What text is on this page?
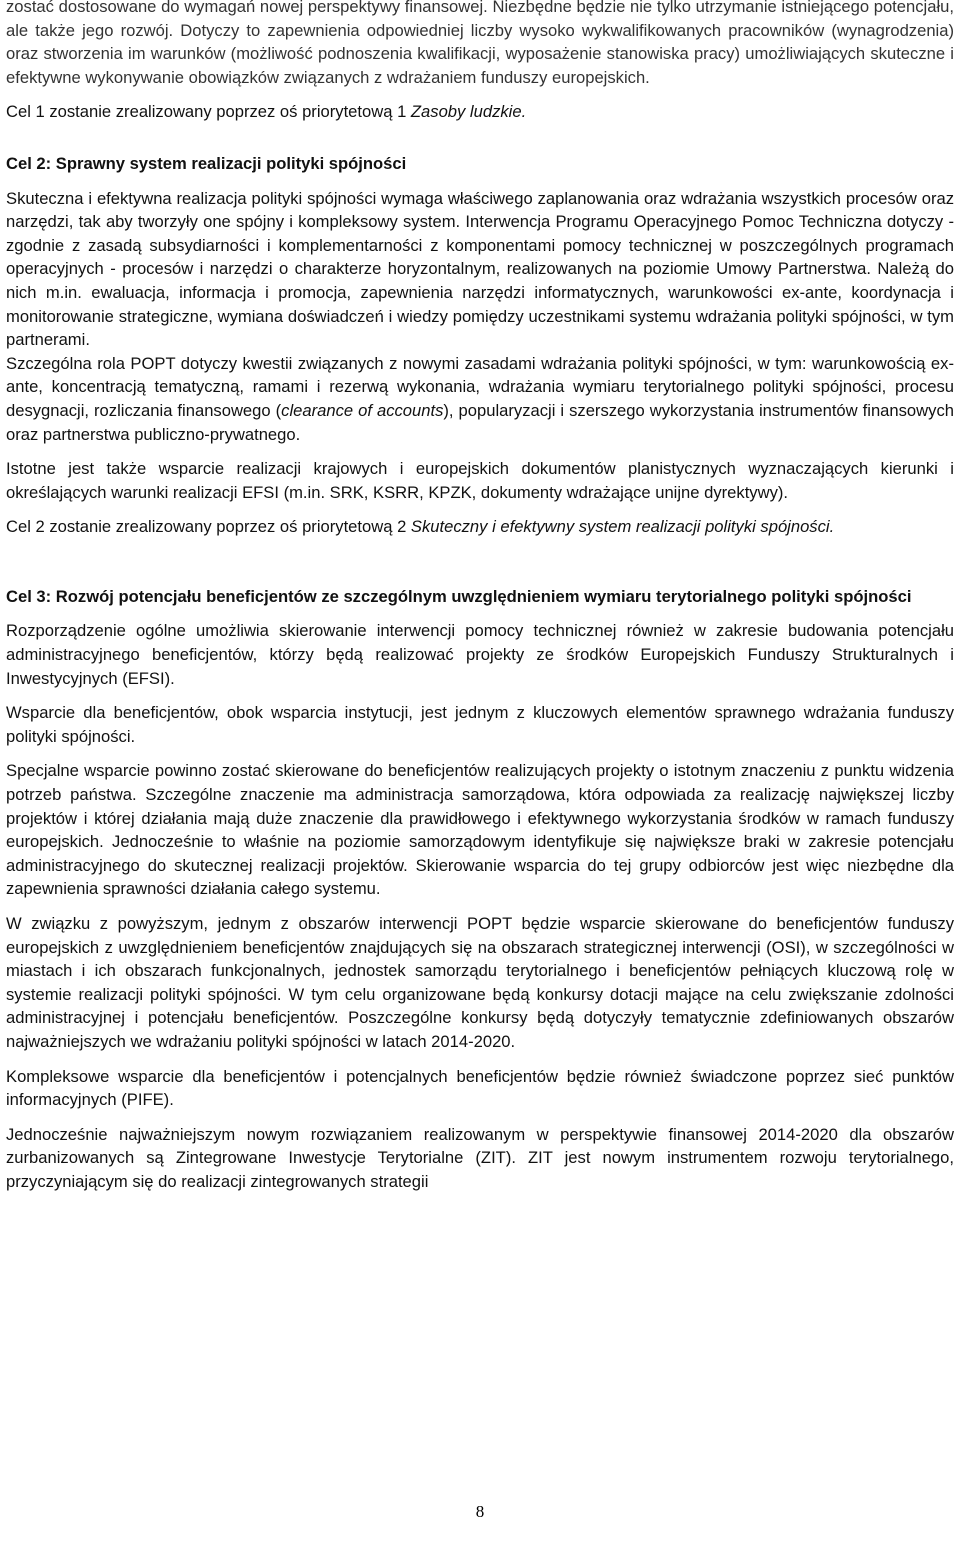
zostać dostosowane do wymagań nowej perspektywy finansowej. Niezbędne będzie nie tylko utrzymanie istniejącego potencjału, ale także jego rozwój. Dotyczy to zapewnienia odpowiedniej liczby wysoko wykwalifikowanych pracowników (wynagrodzenia) oraz stworzenia im warunków (możliwość podnoszenia kwalifikacji, wyposażenie stanowiska pracy) umożliwiających skuteczne i efektywne wykonywanie obowiązków związanych z wdrażaniem funduszy europejskich.

Cel 1 zostanie zrealizowany poprzez oś priorytetową 1 Zasoby ludzkie.

Cel 2: Sprawny system realizacji polityki spójności

Skuteczna i efektywna realizacja polityki spójności wymaga właściwego zaplanowania oraz wdrażania wszystkich procesów oraz narzędzi, tak aby tworzyły one spójny i kompleksowy system. Interwencja Programu Operacyjnego Pomoc Techniczna dotyczy - zgodnie z zasadą subsydiarności i komplementarności z komponentami pomocy technicznej w poszczególnych programach operacyjnych - procesów i narzędzi o charakterze horyzontalnym, realizowanych na poziomie Umowy Partnerstwa. Należą do nich m.in. ewaluacja, informacja i promocja, zapewnienia narzędzi informatycznych, warunkowości ex-ante, koordynacja i monitorowanie strategiczne, wymiana doświadczeń i wiedzy pomiędzy uczestnikami systemu wdrażania polityki spójności, w tym partnerami.

Szczególna rola POPT dotyczy kwestii związanych z nowymi zasadami wdrażania polityki spójności, w tym: warunkowością ex-ante, koncentracją tematyczną, ramami i rezerwą wykonania, wdrażania wymiaru terytorialnego polityki spójności, procesu desygnacji, rozliczania finansowego (clearance of accounts), popularyzacji i szerszego wykorzystania instrumentów finansowych oraz partnerstwa publiczno-prywatnego.

Istotne jest także wsparcie realizacji krajowych i europejskich dokumentów planistycznych wyznaczających kierunki i określających warunki realizacji EFSI (m.in. SRK, KSRR, KPZK, dokumenty wdrażające unijne dyrektywy).

Cel 2 zostanie zrealizowany poprzez oś priorytetową 2 Skuteczny i efektywny system realizacji polityki spójności.

Cel 3: Rozwój potencjału beneficjentów ze szczególnym uwzględnieniem wymiaru terytorialnego polityki spójności

Rozporządzenie ogólne umożliwia skierowanie interwencji pomocy technicznej również w zakresie budowania potencjału administracyjnego beneficjentów, którzy będą realizować projekty ze środków Europejskich Funduszy Strukturalnych i Inwestycyjnych (EFSI).

Wsparcie dla beneficjentów, obok wsparcia instytucji, jest jednym z kluczowych elementów sprawnego wdrażania funduszy polityki spójności.

Specjalne wsparcie powinno zostać skierowane do beneficjentów realizujących projekty o istotnym znaczeniu z punktu widzenia potrzeb państwa. Szczególne znaczenie ma administracja samorządowa, która odpowiada za realizację największej liczby projektów i której działania mają duże znaczenie dla prawidłowego i efektywnego wykorzystania środków w ramach funduszy europejskich. Jednocześnie to właśnie na poziomie samorządowym identyfikuje się największe braki w zakresie potencjału administracyjnego do skutecznej realizacji projektów. Skierowanie wsparcia do tej grupy odbiorców jest więc niezbędne dla zapewnienia sprawności działania całego systemu.

W związku z powyższym, jednym z obszarów interwencji POPT będzie wsparcie skierowane do beneficjentów funduszy europejskich z uwzględnieniem beneficjentów znajdujących się na obszarach strategicznej interwencji (OSI), w szczególności w miastach i ich obszarach funkcjonalnych, jednostek samorządu terytorialnego i beneficjentów pełniących kluczową rolę w systemie realizacji polityki spójności. W tym celu organizowane będą konkursy dotacji mające na celu zwiększanie zdolności administracyjnej i potencjału beneficjentów. Poszczególne konkursy będą dotyczyły tematycznie zdefiniowanych obszarów najważniejszych we wdrażaniu polityki spójności w latach 2014-2020.

Kompleksowe wsparcie dla beneficjentów i potencjalnych beneficjentów będzie również świadczone poprzez sieć punktów informacyjnych (PIFE).

Jednocześnie najważniejszym nowym rozwiązaniem realizowanym w perspektywie finansowej 2014-2020 dla obszarów zurbanizowanych są Zintegrowane Inwestycje Terytorialne (ZIT). ZIT jest nowym instrumentem rozwoju terytorialnego, przyczyniającym się do realizacji zintegrowanych strategii

8
